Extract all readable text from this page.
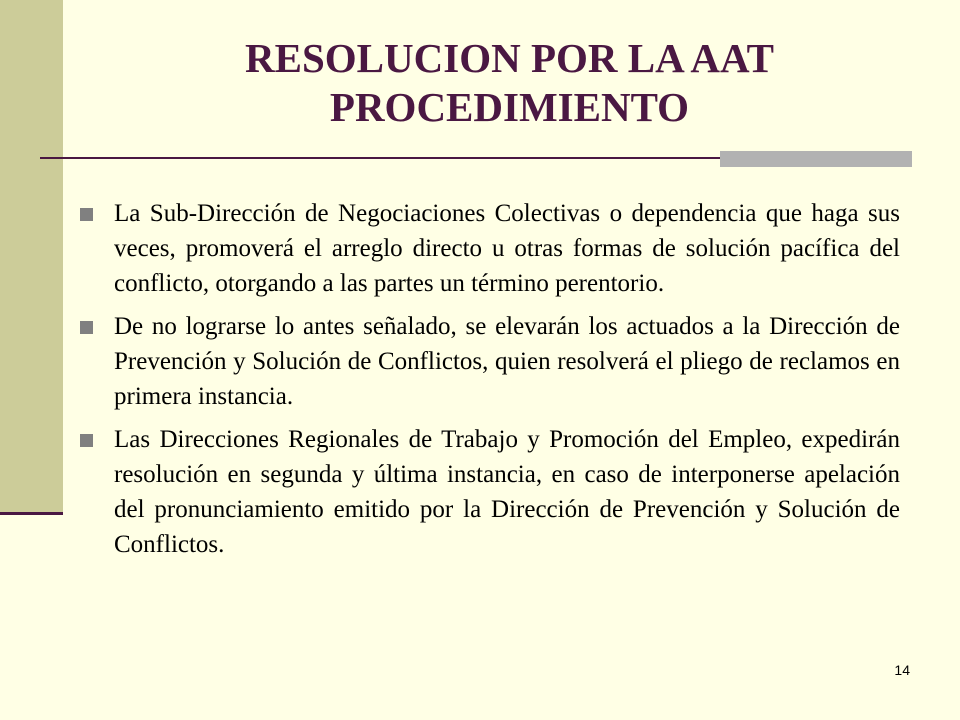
RESOLUCION POR LA AAT
PROCEDIMIENTO
La Sub-Dirección de Negociaciones Colectivas o dependencia que haga sus veces, promoverá el arreglo directo u otras formas de solución pacífica del conflicto, otorgando a las partes un término perentorio.
De no lograrse lo antes señalado, se elevarán los actuados a la Dirección de Prevención y Solución de Conflictos, quien resolverá el pliego de reclamos en primera instancia.
Las Direcciones Regionales de Trabajo y Promoción del Empleo, expedirán resolución en segunda y última instancia, en caso de interponerse apelación del pronunciamiento emitido por la Dirección de Prevención y Solución de Conflictos.
14
